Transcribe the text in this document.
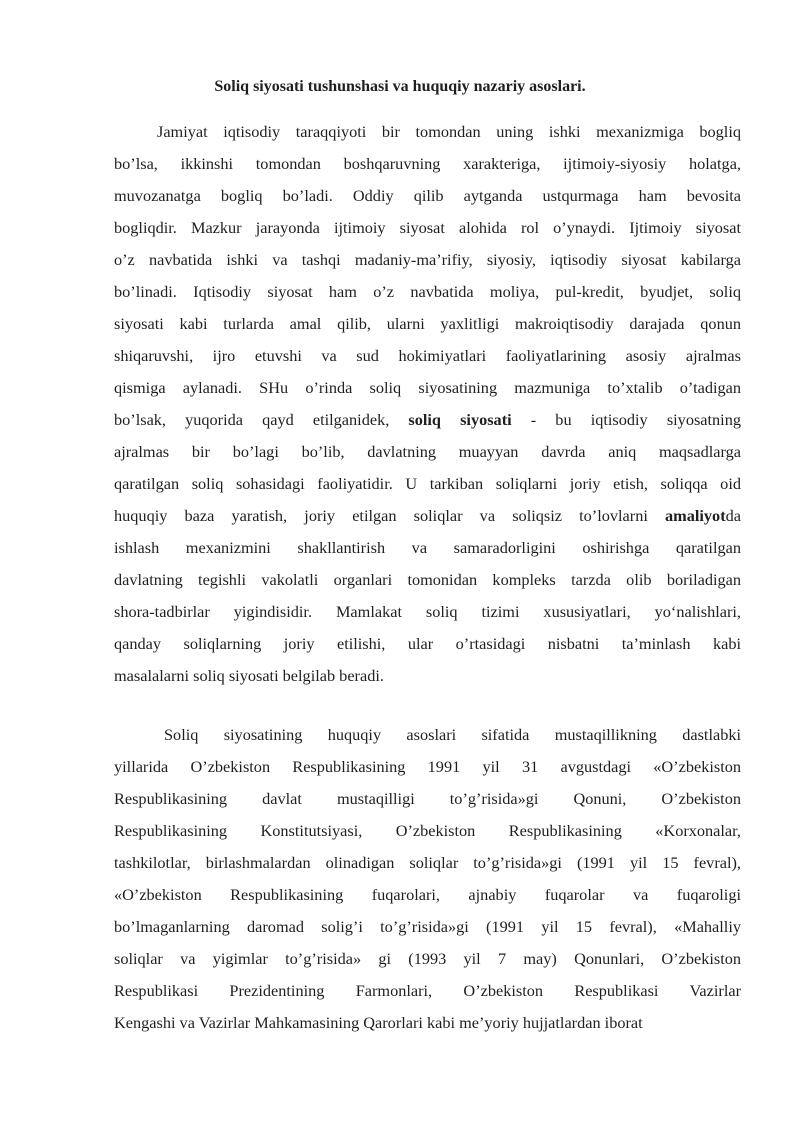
Soliq siyosati tushunshasi va huquqiy nazariy asoslari.

Jamiyat iqtisodiy taraqqiyoti bir tomondan uning ishki mexanizmiga bogliq

bo’lsa, ikkinshi tomondan boshqaruvning xarakteriga, ijtimoiy-siyosiy holatga,

muvozanatga bogliq bo’ladi. Oddiy qilib aytganda ustqurmaga ham bevosita

bogliqdir. Mazkur jarayonda ijtimoiy siyosat alohida rol o’ynaydi. Ijtimoiy siyosat

o’z navbatida ishki va tashqi madaniy-ma’rifiy, siyosiy, iqtisodiy siyosat kabilarga

bo’linadi. Iqtisodiy siyosat ham o’z navbatida moliya, pul-kredit, byudjet, soliq

siyosati kabi turlarda amal qilib, ularni yaxlitligi makroiqtisodiy darajada qonun

shiqaruvshi, ijro etuvshi va sud hokimiyatlari faoliyatlarining asosiy ajralmas

qismiga aylanadi. SHu o’rinda soliq siyosatining mazmuniga to’xtalib o’tadigan

bo’lsak, yuqorida qayd etilganidek, soliq siyosati - bu iqtisodiy siyosatning

ajralmas bir bo’lagi bo’lib, davlatning muayyan davrda aniq maqsadlarga

qaratilgan soliq sohasidagi faoliyatidir. U tarkiban soliqlarni joriy etish, soliqqa oid

huquqiy baza yaratish, joriy etilgan soliqlar va soliqsiz to’lovlarni amaliyotda

ishlash mexanizmini shakllantirish va samaradorligini oshirishga qaratilgan

davlatning tegishli vakolatli organlari tomonidan kompleks tarzda olib boriladigan

shora-tadbirlar yigindisidir. Mamlakat soliq tizimi xususiyatlari, yo‘nalishlari,

qanday soliqlarning joriy etilishi, ular o’rtasidagi nisbatni ta’minlash kabi

masalalarni soliq siyosati belgilab beradi.

Soliq siyosatining huquqiy asoslari sifatida mustaqillikning dastlabki

yillarida O’zbekiston Respublikasining 1991 yil 31 avgustdagi «O’zbekiston

Respublikasining davlat mustaqilligi to’g’risida»gi Qonuni, O’zbekiston

Respublikasining Konstitutsiyasi, O’zbekiston Respublikasining «Korxonalar,

tashkilotlar, birlashmalardan olinadigan soliqlar to’g’risida»gi (1991 yil 15 fevral),

«O’zbekiston Respublikasining fuqarolari, ajnabiy fuqarolar va fuqaroligi

bo’lmaganlarning daromad solig’i to’g’risida»gi (1991 yil 15 fevral), «Mahalliy

soliqlar va yigimlar to’g’risida» gi (1993 yil 7 may) Qonunlari, O’zbekiston

Respublikasi Prezidentining Farmonlari, O’zbekiston Respublikasi Vazirlar

Kengashi va Vazirlar Mahkamasining Qarorlari kabi me’yoriy hujjatlardan iborat
